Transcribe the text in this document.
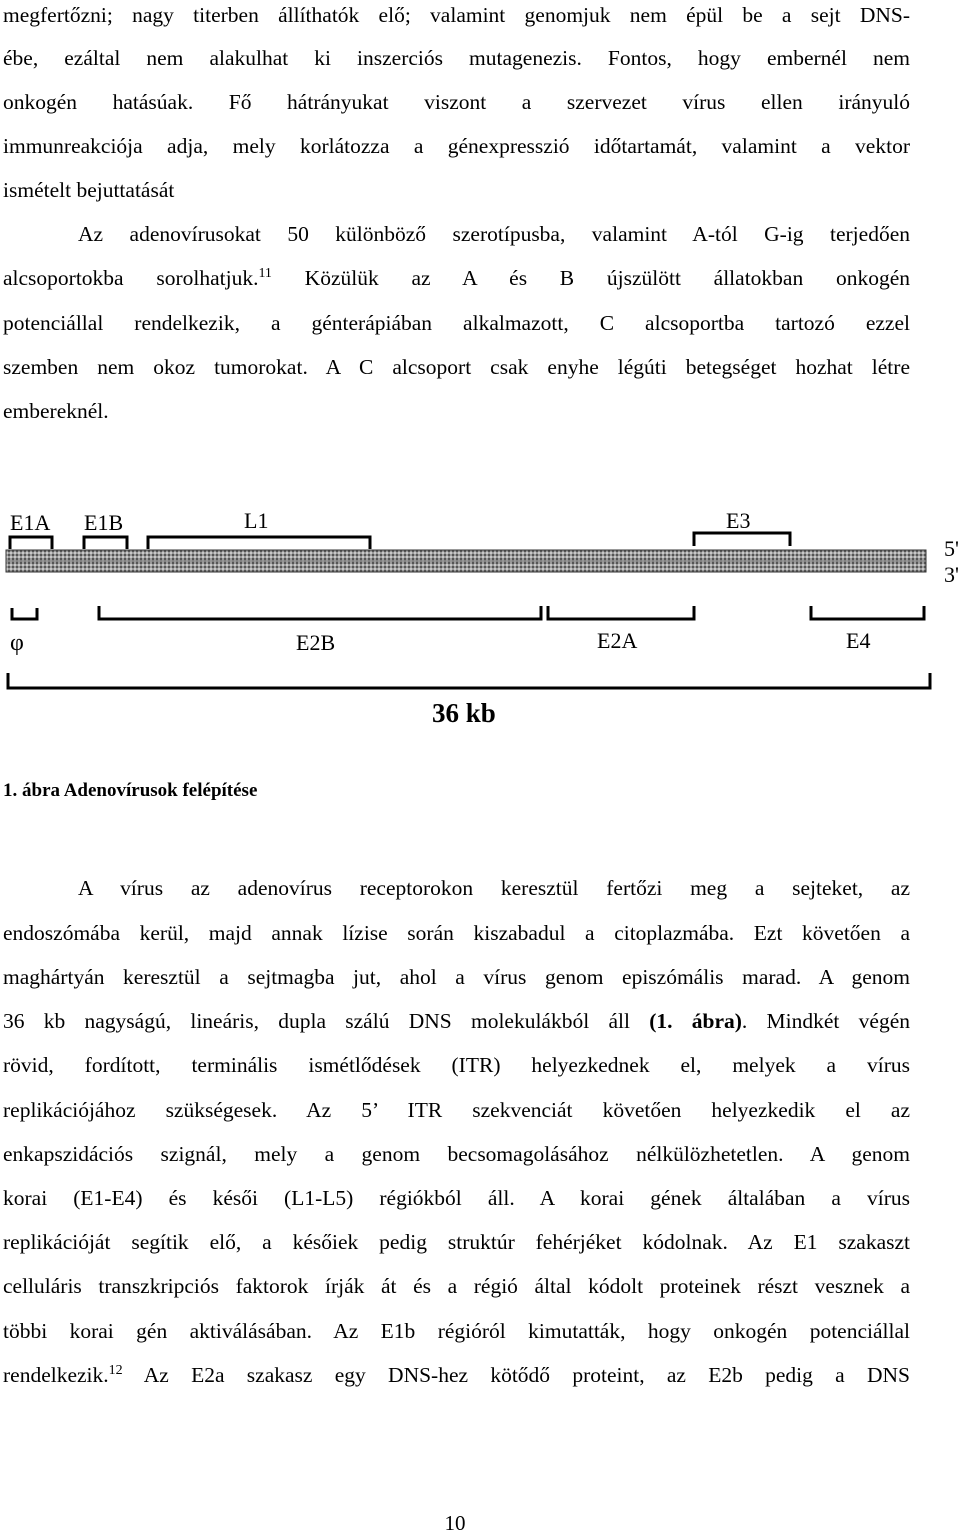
megfertőzni; nagy titerben állíthatók elő; valamint genomjuk nem épül be a sejt DNS-
ébe, ezáltal nem alakulhat ki inszerciós mutagenezis. Fontos, hogy embernél nem
onkogén hatásúak. Fő hátrányukat viszont a szervezet vírus ellen irányuló
immunreakciója adja, mely korlátozza a génexpresszió időtartamát, valamint a vektor
ismételt bejuttatását
Az adenovírusokat 50 különböző szerotípusba, valamint A-tól G-ig terjedően
alcsoportokba sorolhatjuk.$^{11}$ Közülük az A és B újszülött állatokban onkogén
potenciállal rendelkezik, a génterápiában alkalmazott, C alcsoportba tartozó ezzel
szemben nem okoz tumorokat. A C alcsoport csak enyhe légúti betegséget hozhat létre
embereknél.
E1A E1B	L1	E3
5'
3'
φ	E2B	E2A	E4
36 kb
1. ábra Adenovírusok felépítése
A vírus az adenovírus receptorokon keresztül fertőzi meg a sejteket, az
endoszómába kerül, majd annak lízise során kiszabadul a citoplazmába. Ezt követően a
maghártyán keresztül a sejtmagba jut, ahol a vírus genom episzómális marad. A genom
36 kb nagyságú, lineáris, dupla szálú DNS molekulákból áll (1. ábra). Mindkét végén
rövid, fordított, terminális ismétlődések (ITR) helyezkednek el, melyek a vírus
replikációjához szükségesek. Az 5’ ITR szekvenciát követően helyezkedik el az
enkapszidációs szignál, mely a genom becsomagolásához nélkülözhetetlen. A genom
korai (E1-E4) és késői (L1-L5) régiókból áll. A korai gének általában a vírus
replikációját segítik elő, a későiek pedig struktúr fehérjéket kódolnak. Az E1 szakaszt
celluláris transzkripciós faktorok írják át és a régió által kódolt proteinek részt vesznek a
többi korai gén aktiválásában. Az E1b régióról kimutatták, hogy onkogén potenciállal
rendelkezik.$^{12}$ Az E2a szakasz egy DNS-hez kötődő proteint, az E2b pedig a DNS
10
